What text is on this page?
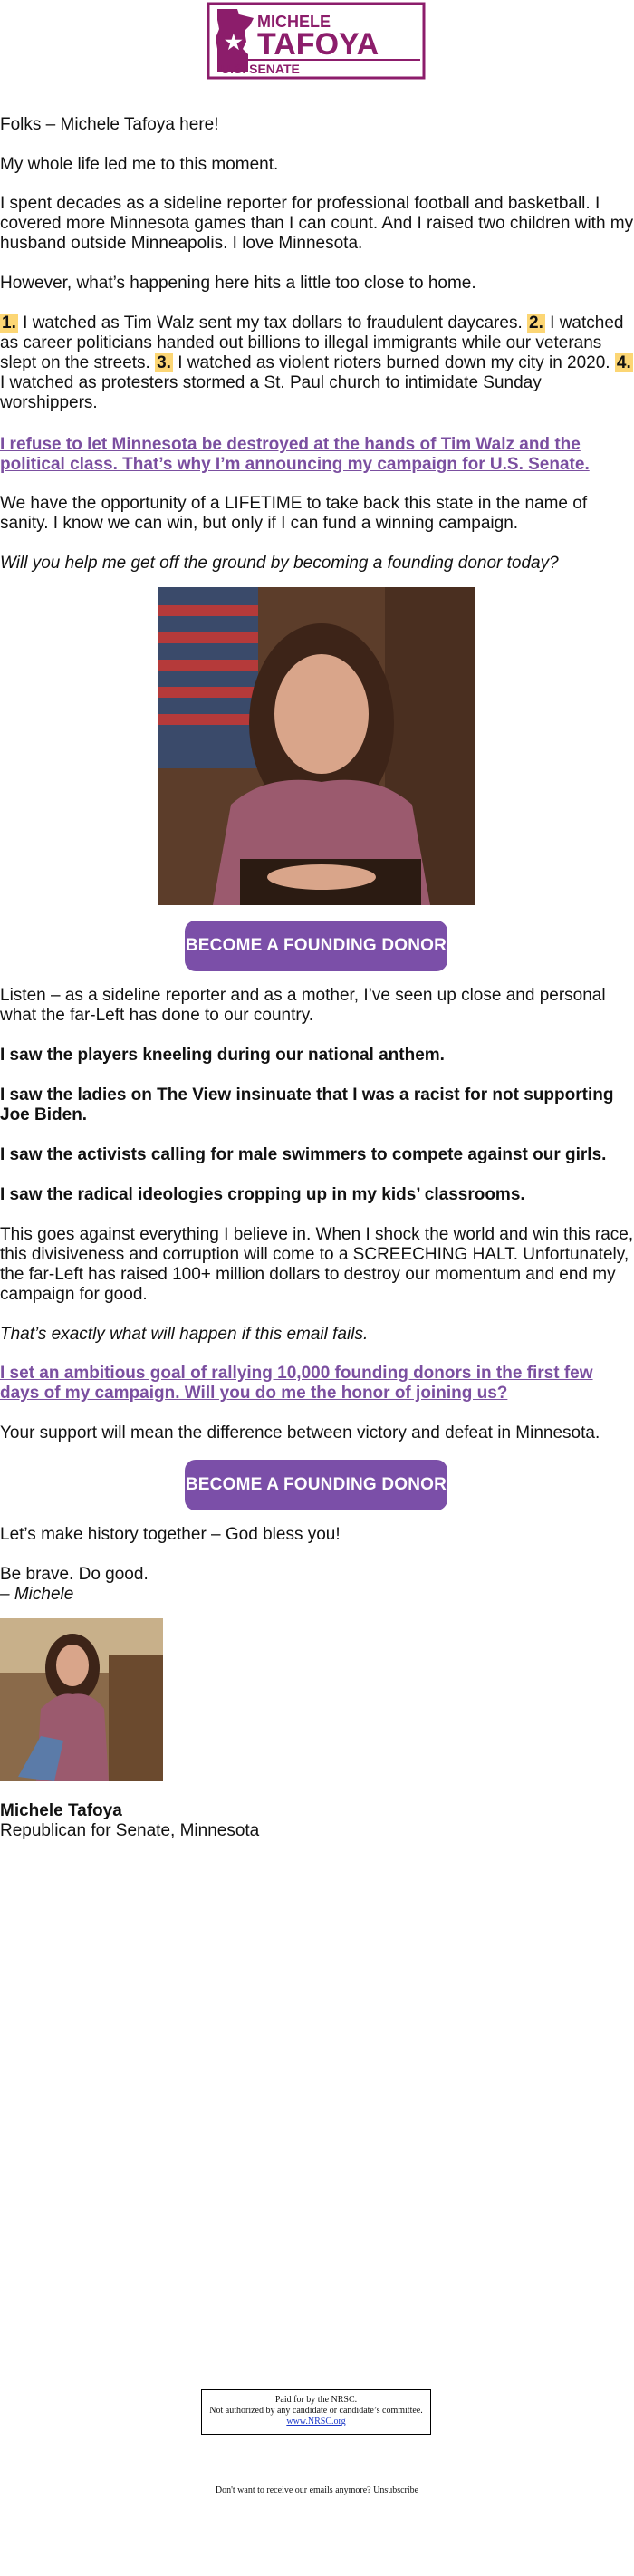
★
MICHELE
TAFOYA
U.S. SENATE

Folks – Michele Tafoya here!

My whole life led me to this moment.

I spent decades as a sideline reporter for professional football and basketball. I covered more Minnesota games than I can count. And I raised two children with my husband outside Minneapolis. I love Minnesota.

However, what’s happening here hits a little too close to home.

1. I watched as Tim Walz sent my tax dollars to fraudulent daycares. 2. I watched as career politicians handed out billions to illegal immigrants while our veterans slept on the streets. 3. I watched as violent rioters burned down my city in 2020. 4. I watched as protesters stormed a St. Paul church to intimidate Sunday worshippers.

I refuse to let Minnesota be destroyed at the hands of Tim Walz and the political class. That’s why I’m announcing my campaign for U.S. Senate.

We have the opportunity of a LIFETIME to take back this state in the name of sanity. I know we can win, but only if I can fund a winning campaign.

Will you help me get off the ground by becoming a founding donor today?

BECOME A FOUNDING DONOR

Listen – as a sideline reporter and as a mother, I’ve seen up close and personal what the far-Left has done to our country.

I saw the players kneeling during our national anthem.

I saw the ladies on The View insinuate that I was a racist for not supporting Joe Biden.

I saw the activists calling for male swimmers to compete against our girls.

I saw the radical ideologies cropping up in my kids’ classrooms.

This goes against everything I believe in. When I shock the world and win this race, this divisiveness and corruption will come to a SCREECHING HALT. Unfortunately, the far-Left has raised 100+ million dollars to destroy our momentum and end my campaign for good.

That’s exactly what will happen if this email fails.

I set an ambitious goal of rallying 10,000 founding donors in the first few days of my campaign. Will you do me the honor of joining us?

Your support will mean the difference between victory and defeat in Minnesota.

BECOME A FOUNDING DONOR

Let’s make history together – God bless you!

Be brave. Do good.

– Michele

Michele Tafoya

Republican for Senate, Minnesota

Paid for by the NRSC.
Not authorized by any candidate or candidate’s committee.
www.NRSC.org
Don't want to receive our emails anymore? Unsubscribe
